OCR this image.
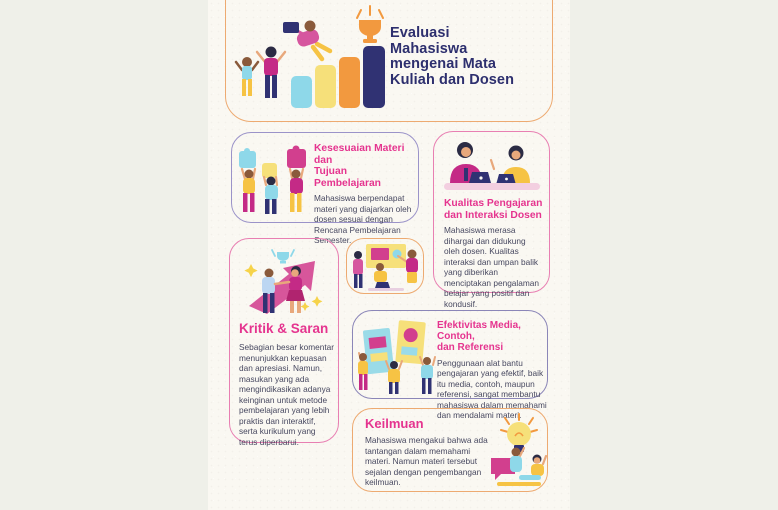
Evaluasi
Mahasiswa
mengenai Mata
Kuliah dan Dosen
Kesesuaian Materi dan
Tujuan Pembelajaran

Mahasiswa berpendapat materi yang diajarkan oleh dosen sesuai dengan Rencana Pembelajaran Semester.

Kualitas Pengajaran
dan Interaksi Dosen

Mahasiswa merasa dihargai dan didukung oleh dosen. Kualitas interaksi dan umpan balik yang diberikan menciptakan pengalaman belajar yang positif dan kondusif.

Kritik & Saran

Sebagian besar komentar menunjukkan kepuasan dan apresiasi. Namun, masukan yang ada mengindikasikan adanya keinginan untuk metode pembelajaran yang lebih praktis dan interaktif, serta kurikulum yang terus diperbarui.

Efektivitas Media, Contoh,
dan Referensi

Penggunaan alat bantu pengajaran yang efektif, baik itu media, contoh, maupun referensi, sangat membantu mahasiswa dalam memahami dan mendalami materi.

Keilmuan

Mahasiswa mengakui bahwa ada tantangan dalam memahami materi. Namun materi tersebut sejalan dengan pengembangan keilmuan.
